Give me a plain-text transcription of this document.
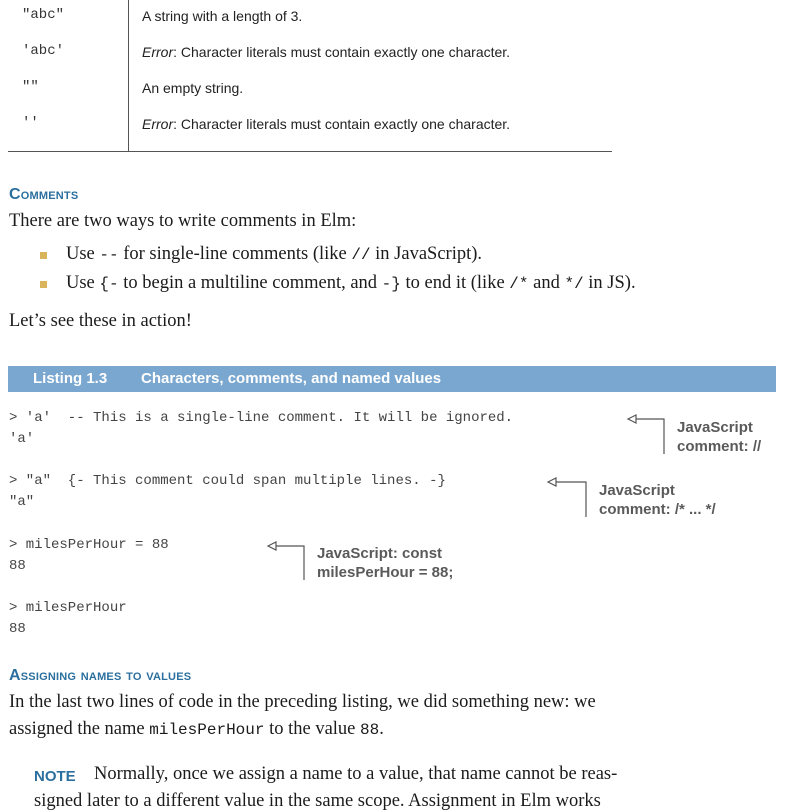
"abc"	A string with a length of 3.
'abc'	Error: Character literals must contain exactly one character.
""	An empty string.
''	Error: Character literals must contain exactly one character.
Comments
There are two ways to write comments in Elm:
Use -- for single-line comments (like // in JavaScript).
Use {- to begin a multiline comment, and -} to end it (like /* and */ in JS).
Let’s see these in action!
Listing 1.3 Characters, comments, and named values
> 'a'  -- This is a single-line comment. It will be ignored.
'a'
> "a"  {- This comment could span multiple lines. -}
"a"
> milesPerHour = 88
88
> milesPerHour
88
JavaScript
comment: //
JavaScript
comment: /* ... */
JavaScript: const
milesPerHour = 88;
Assigning names to values
In the last two lines of code in the preceding listing, we did something new: we
assigned the name milesPerHour to the value 88.
NOTE Normally, once we assign a name to a value, that name cannot be reas-
signed later to a different value in the same scope. Assignment in Elm works
